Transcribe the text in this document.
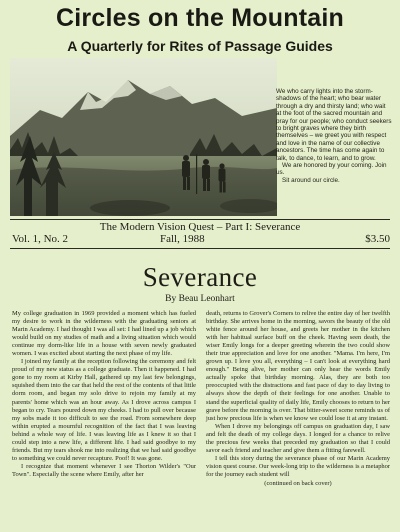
Circles on the Mountain
A Quarterly for Rites of Passage Guides

We who carry lights into the storm-shadows of the heart; who bear water through a dry and thirsty land; who wait at the foot of the sacred mountain and pray for our people; who conduct seekers to bright graves where they birth themselves – we greet you with respect and love in the name of our collective ancestors. The time has come again to talk, to dance, to learn, and to grow.

We are honored by your coming. Join us.

Sit around our circle.

The Modern Vision Quest – Part I: Severance
Vol. 1, No. 2	Fall, 1988	$3.50
Severance
By Beau Leonhart

My college graduation in 1969 provided a moment which has fueled my desire to work in the wilderness with the graduating seniors at Marin Academy. I had thought I was all set: I had lined up a job which would build on my studies of math and a living situation which would continue my dorm-like life in a house with seven newly graduated women. I was excited about starting the next phase of my life.

I joined my family at the reception following the ceremony and felt proud of my new status as a college graduate. Then it happened. I had gone to my room at Kirby Hall, gathered up my last few belongings, squished them into the car that held the rest of the contents of that little dorm room, and began my solo drive to rejoin my family at my parents' home which was an hour away. As I drove across campus I began to cry. Tears poured down my cheeks. I had to pull over because my sobs made it too difficult to see the road. From somewhere deep within erupted a mournful recognition of the fact that I was leaving behind a whole way of life. I was leaving life as I knew it so that I could step into a new life, a different life. I had said goodbye to my friends. But my tears shook me into realizing that we had said goodbye to something we could never recapture. Poof! It was gone.

I recognize that moment whenever I see Thorton Wilder's "Our Town". Especially the scene where Emily, after her

death, returns to Grover's Corners to relive the entire day of her twelfth birthday. She arrives home in the morning, savors the beauty of the old white fence around her house, and greets her mother in the kitchen with her habitual surface buff on the cheek. Having seen death, the wiser Emily longs for a deeper greeting wherein the two could show their true appreciation and love for one another. "Mama. I'm here, I'm grown up. I love you all, everything – I can't look at everything hard enough." Being alive, her mother can only hear the words Emily actually spoke that birthday morning. Alas, they are both too preoccupied with the distractions and fast pace of day to day living to always show the depth of their feelings for one another. Unable to stand the superficial quality of daily life, Emily chooses to return to her grave before the morning is over. That bitter-sweet scene reminds us of just how precious life is when we know we could lose it at any instant.

When I drove my belongings off campus on graduation day, I saw and felt the death of my college days. I longed for a chance to relive the precious few weeks that preceded my graduation so that I could savor each friend and teacher and give them a fitting farewell.

I tell this story during the severance phase of our Marin Academy vision quest course. Our week-long trip to the wilderness is a metaphor for the journey each student will

(continued on back cover)
